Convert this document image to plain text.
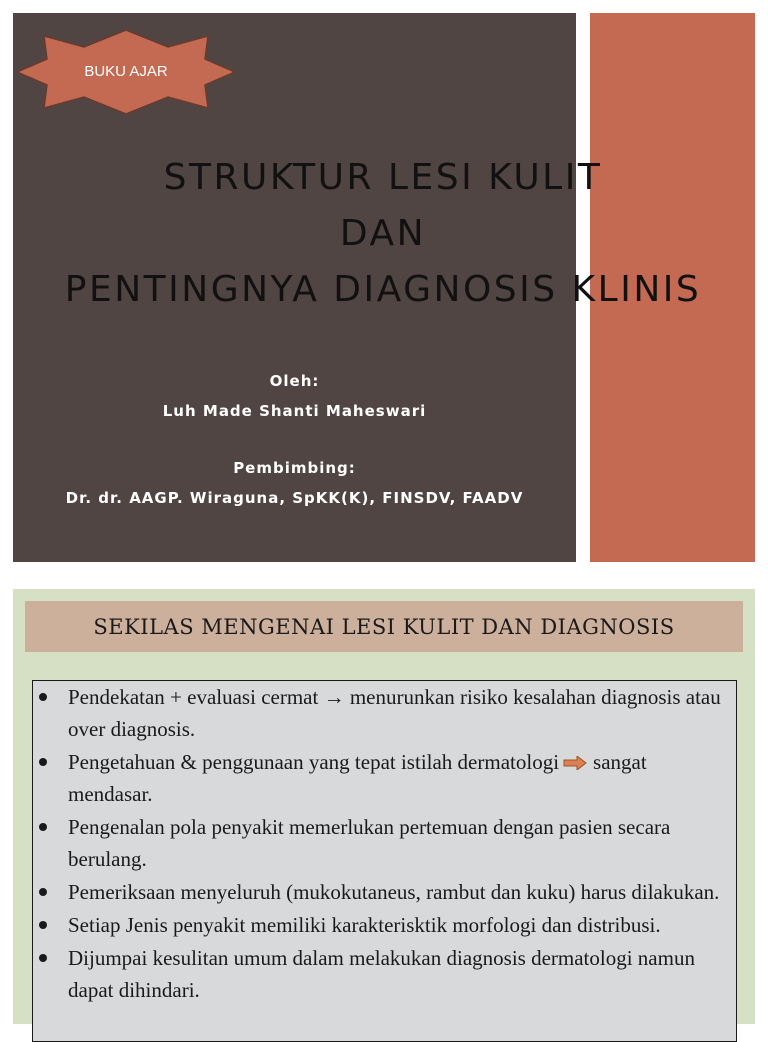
BUKU AJAR
STRUKTUR LESI KULIT
DAN
PENTINGNYA DIAGNOSIS KLINIS
Oleh:
Luh Made Shanti Maheswari
Pembimbing:
Dr. dr. AAGP. Wiraguna, SpKK(K), FINSDV, FAADV
SEKILAS MENGENAI LESI KULIT DAN DIAGNOSIS
Pendekatan + evaluasi cermat → menurunkan risiko kesalahan diagnosis atau over diagnosis.
Pengetahuan & penggunaan yang tepat istilah dermatologi sangat mendasar.
Pengenalan pola penyakit memerlukan pertemuan dengan pasien secara berulang.
Pemeriksaan menyeluruh (mukokutaneus, rambut dan kuku) harus dilakukan.
Setiap Jenis penyakit memiliki karakterisktik morfologi dan distribusi.
Dijumpai kesulitan umum dalam melakukan diagnosis dermatologi namun dapat dihindari.
